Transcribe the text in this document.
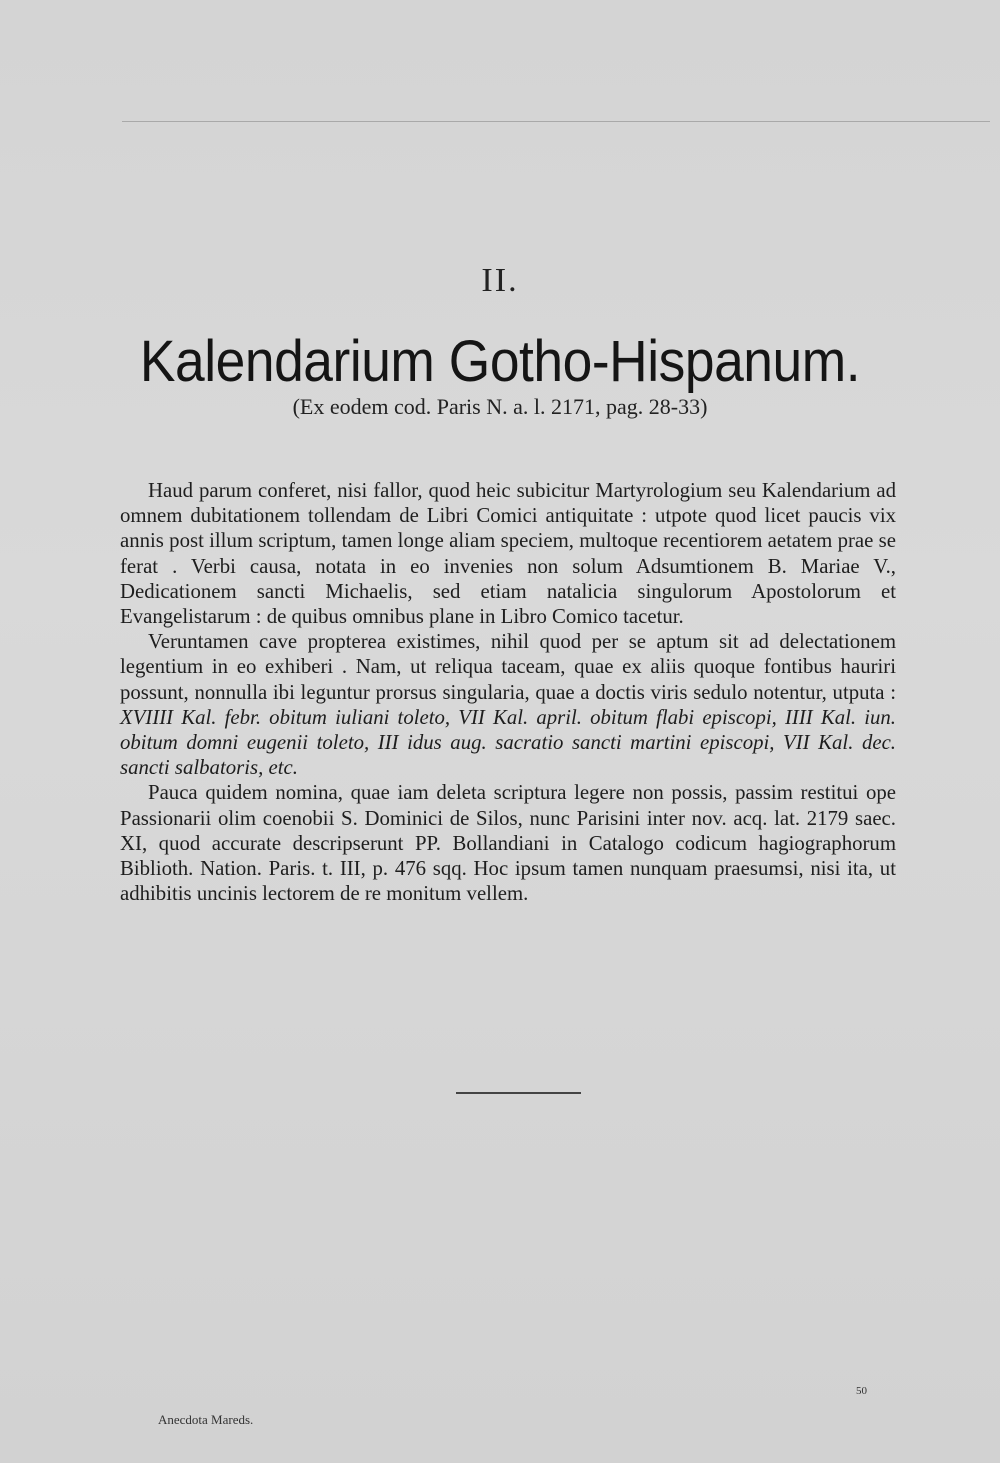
II.
Kalendarium Gotho-Hispanum.
(Ex eodem cod. Paris N. a. l. 2171, pag. 28-33)

Haud parum conferet, nisi fallor, quod heic subicitur Martyrologium seu Kalendarium ad omnem dubitationem tollendam de Libri Comici antiquitate : utpote quod licet paucis vix annis post illum scriptum, tamen longe aliam speciem, multoque recentiorem aetatem prae se ferat . Verbi causa, notata in eo invenies non solum Adsumtionem B. Mariae V., Dedicationem sancti Michaelis, sed etiam natalicia singulorum Apostolorum et Evangelistarum : de quibus omnibus plane in Libro Comico tacetur.

Veruntamen cave propterea existimes, nihil quod per se aptum sit ad delectationem legentium in eo exhiberi . Nam, ut reliqua taceam, quae ex aliis quoque fontibus hauriri possunt, nonnulla ibi leguntur prorsus singularia, quae a doctis viris sedulo notentur, utputa : XVIIII Kal. febr. obitum iuliani toleto, VII Kal. april. obitum flabi episcopi, IIII Kal. iun. obitum domni eugenii toleto, III idus aug. sacratio sancti martini episcopi, VII Kal. dec. sancti salbatoris, etc.

Pauca quidem nomina, quae iam deleta scriptura legere non possis, passim restitui ope Passionarii olim coenobii S. Dominici de Silos, nunc Parisini inter nov. acq. lat. 2179 saec. XI, quod accurate descripserunt PP. Bollandiani in Catalogo codicum hagiographorum Biblioth. Nation. Paris. t. III, p. 476 sqq. Hoc ipsum tamen nunquam praesumsi, nisi ita, ut adhibitis uncinis lectorem de re monitum vellem.

Anecdota Mareds.
50
